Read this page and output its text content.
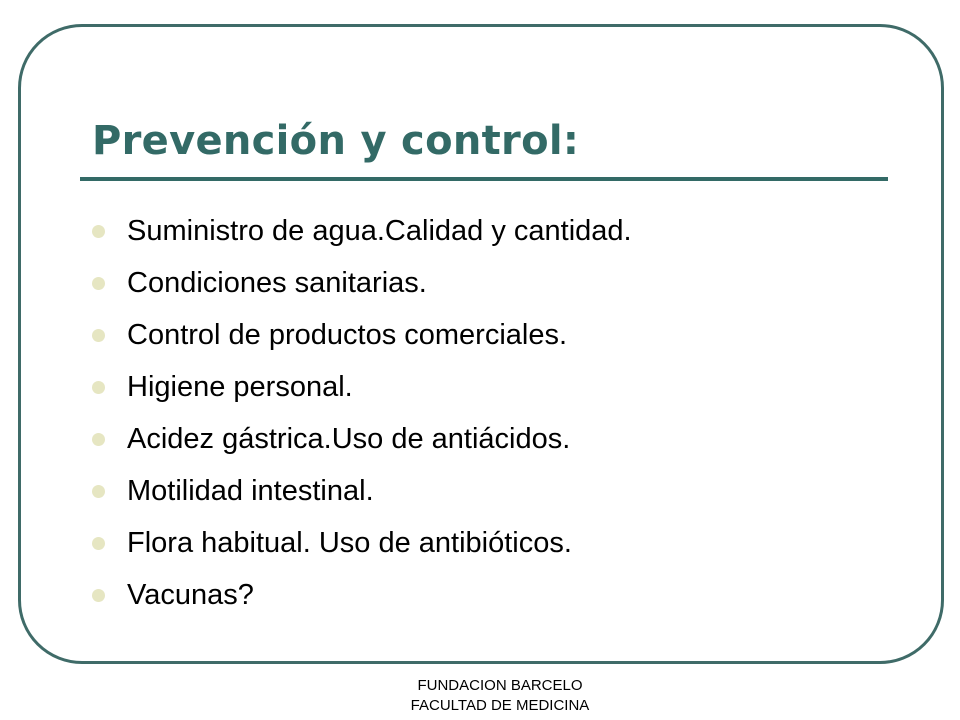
Prevención y control:
Suministro de agua.Calidad y cantidad.
Condiciones sanitarias.
Control de productos comerciales.
Higiene personal.
Acidez gástrica.Uso de antiácidos.
Motilidad intestinal.
Flora habitual. Uso de antibióticos.
Vacunas?
FUNDACION BARCELO
FACULTAD DE MEDICINA
